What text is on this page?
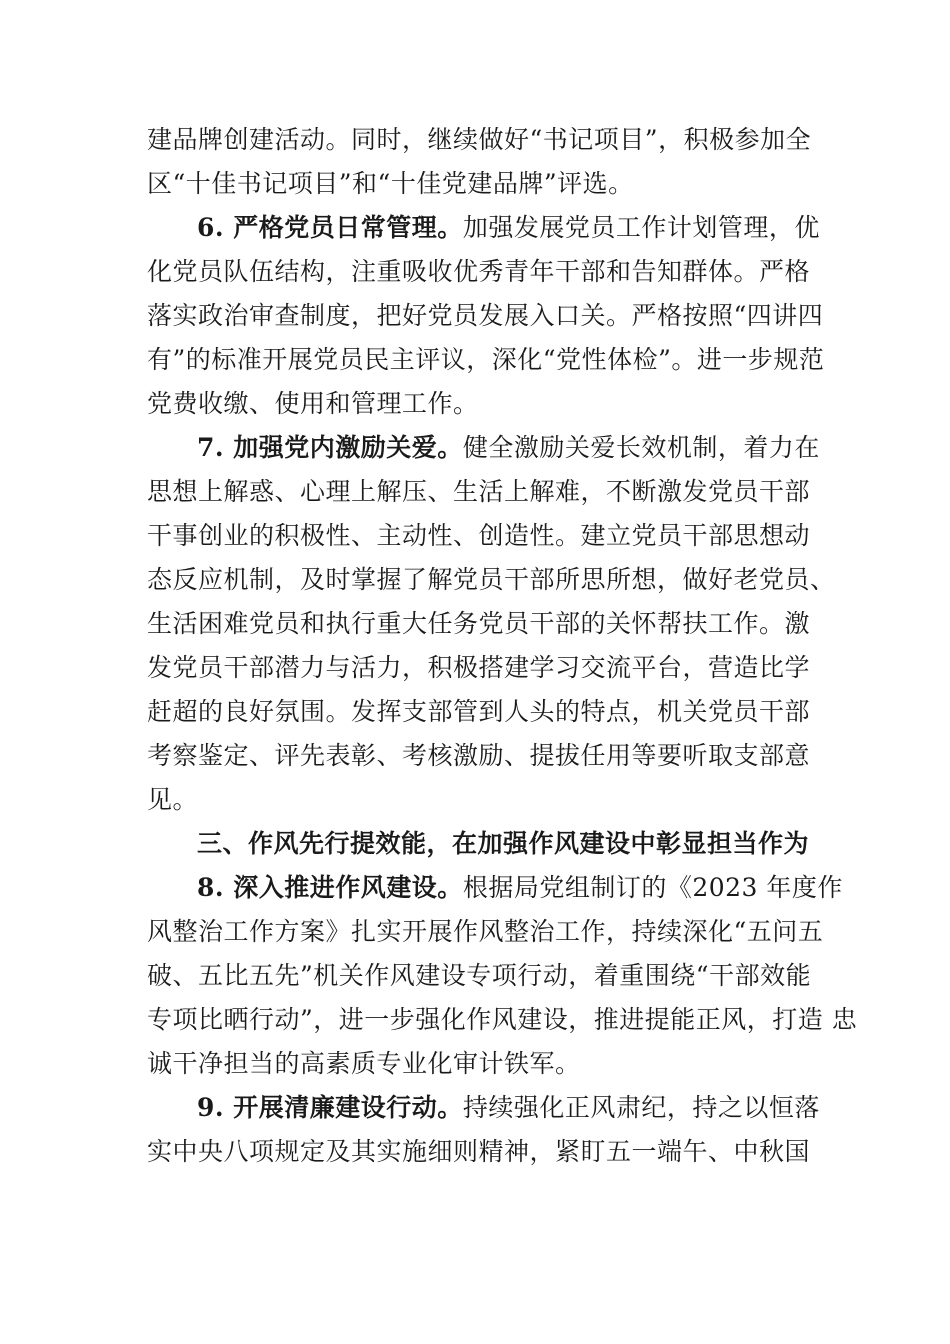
建品牌创建活动。同时，继续做好“书记项目”，积极参加全
区“十佳书记项目”和“十佳党建品牌”评选。
6. 严格党员日常管理。加强发展党员工作计划管理，优
化党员队伍结构，注重吸收优秀青年干部和告知群体。严格
落实政治审查制度，把好党员发展入口关。严格按照“四讲四
有”的标准开展党员民主评议，深化“党性体检”。进一步规范
党费收缴、使用和管理工作。
7. 加强党内激励关爱。健全激励关爱长效机制，着力在
思想上解惑、心理上解压、生活上解难，不断激发党员干部
干事创业的积极性、主动性、创造性。建立党员干部思想动
态反应机制，及时掌握了解党员干部所思所想，做好老党员、
生活困难党员和执行重大任务党员干部的关怀帮扶工作。激
发党员干部潜力与活力，积极搭建学习交流平台，营造比学
赶超的良好氛围。发挥支部管到人头的特点，机关党员干部
考察鉴定、评先表彰、考核激励、提拔任用等要听取支部意
见。
三、作风先行提效能，在加强作风建设中彰显担当作为
8. 深入推进作风建设。根据局党组制订的《2023 年度作
风整治工作方案》扎实开展作风整治工作，持续深化“五问五
破、五比五先”机关作风建设专项行动，着重围绕“干部效能
专项比晒行动”，进一步强化作风建设，推进提能正风，打造 忠
诚干净担当的高素质专业化审计铁军。
9. 开展清廉建设行动。持续强化正风肃纪，持之以恒落
实中央八项规定及其实施细则精神，紧盯五一端午、中秋国
